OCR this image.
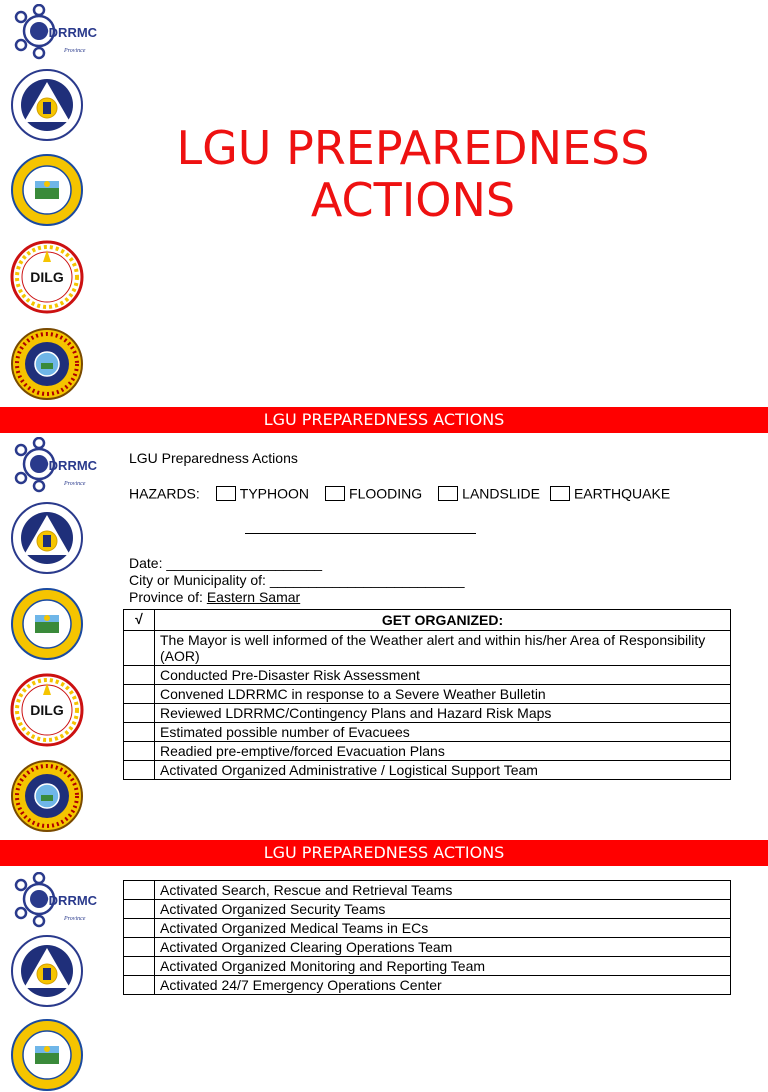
PDRRMC
Province
DILG
LGU PREPAREDNESS
ACTIONS
LGU PREPAREDNESS ACTIONS
PDRRMC
Province
DILG
LGU Preparedness Actions
HAZARDS:	TYPHOON	FLOODING	LANDSLIDE EARTHQUAKE
Date: ____________________
City or Municipality of: _________________________
Province of: Eastern Samar
√	GET ORGANIZED:
	The Mayor is well informed of the Weather alert and within his/her Area of Responsibility (AOR)
	Conducted Pre-Disaster Risk Assessment
	Convened LDRRMC in response to a Severe Weather Bulletin
	Reviewed LDRRMC/Contingency Plans and Hazard Risk Maps
	Estimated possible number of Evacuees
	Readied pre-emptive/forced Evacuation Plans
	Activated Organized Administrative / Logistical Support Team
LGU PREPAREDNESS ACTIONS
PDRRMC
Province
	Activated Search, Rescue and Retrieval Teams
	Activated Organized Security Teams
	Activated Organized Medical Teams in ECs
	Activated Organized Clearing Operations Team
	Activated Organized Monitoring and Reporting Team
	Activated 24/7 Emergency Operations Center
